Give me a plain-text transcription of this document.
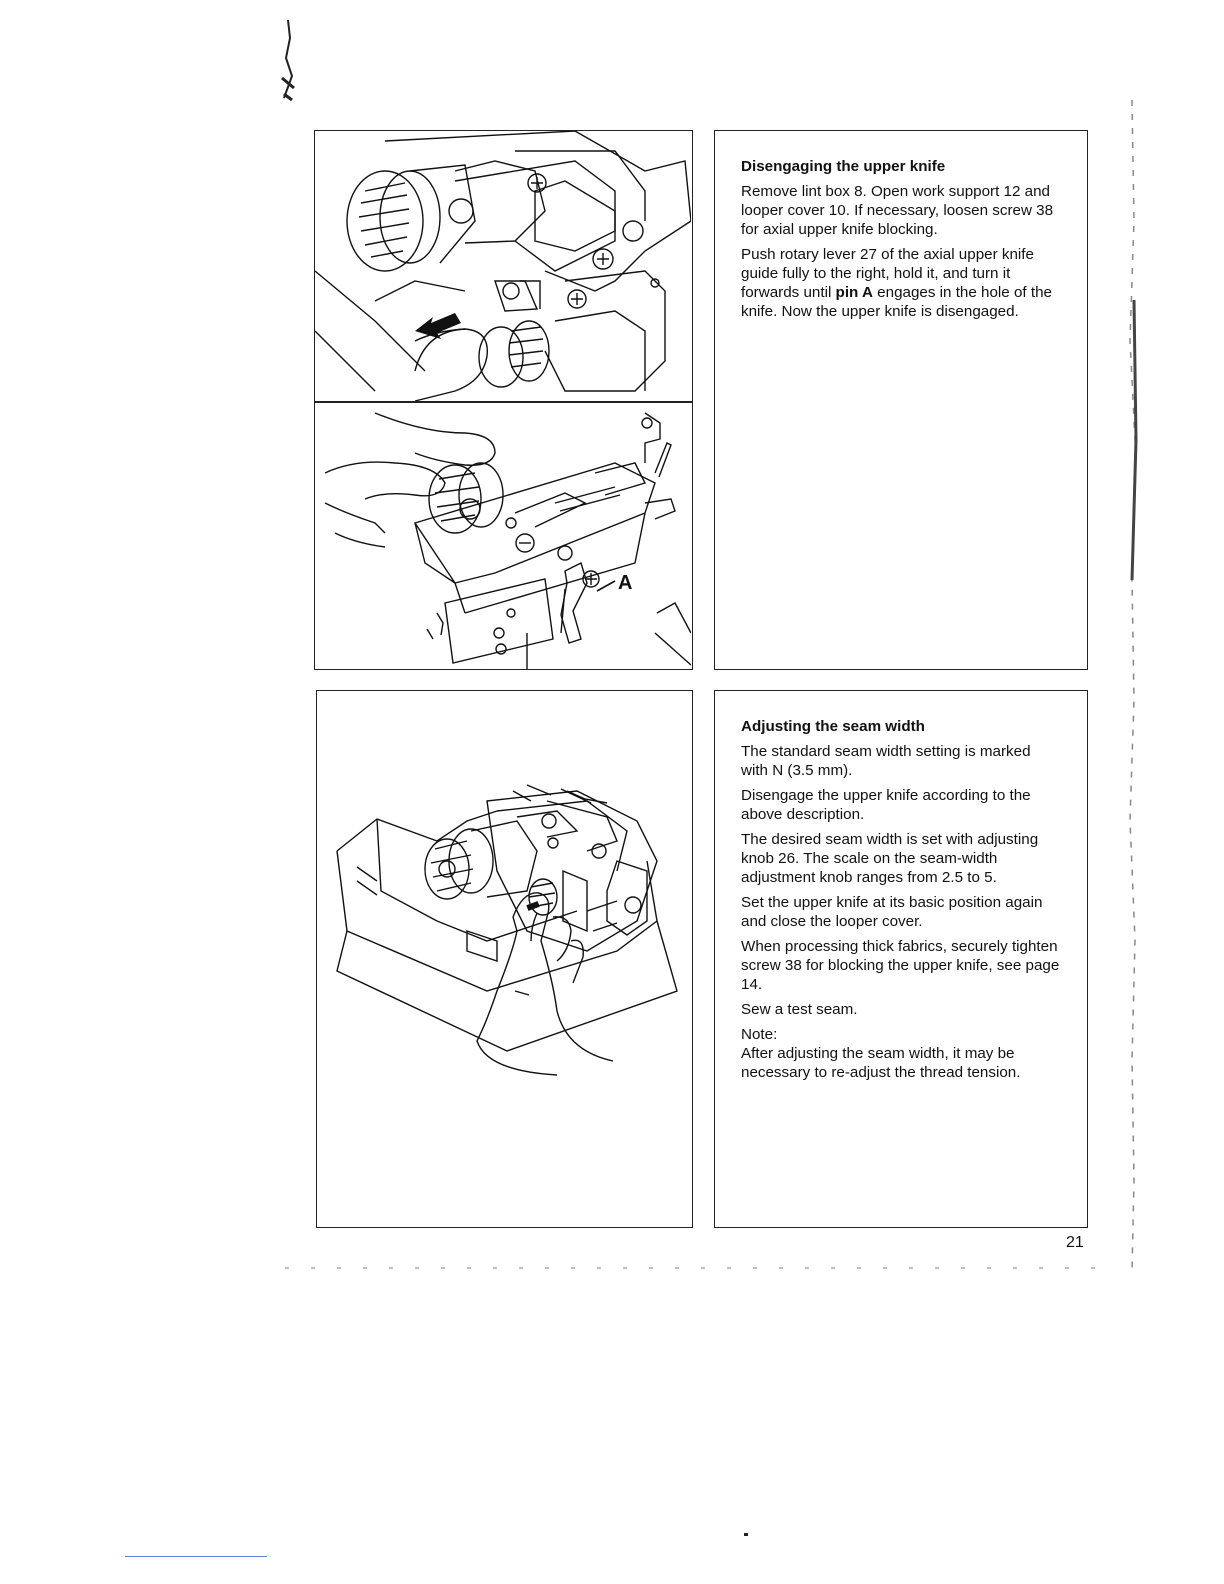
A
Disengaging the upper knife

Remove lint box 8. Open work support 12 and looper cover 10. If necessary, loosen screw 38 for axial upper knife blocking.

Push rotary lever 27 of the axial upper knife guide fully to the right, hold it, and turn it forwards until pin A engages in the hole of the knife. Now the upper knife is disengaged.

Adjusting the seam width

The standard seam width setting is marked with N (3.5 mm).

Disengage the upper knife according to the above description.

The desired seam width is set with adjusting knob 26. The scale on the seam-width adjustment knob ranges from 2.5 to 5.

Set the upper knife at its basic position again and close the looper cover.

When processing thick fabrics, securely tighten screw 38 for blocking the upper knife, see page 14.

Sew a test seam.

Note:

After adjusting the seam width, it may be necessary to re-adjust the thread tension.

21
